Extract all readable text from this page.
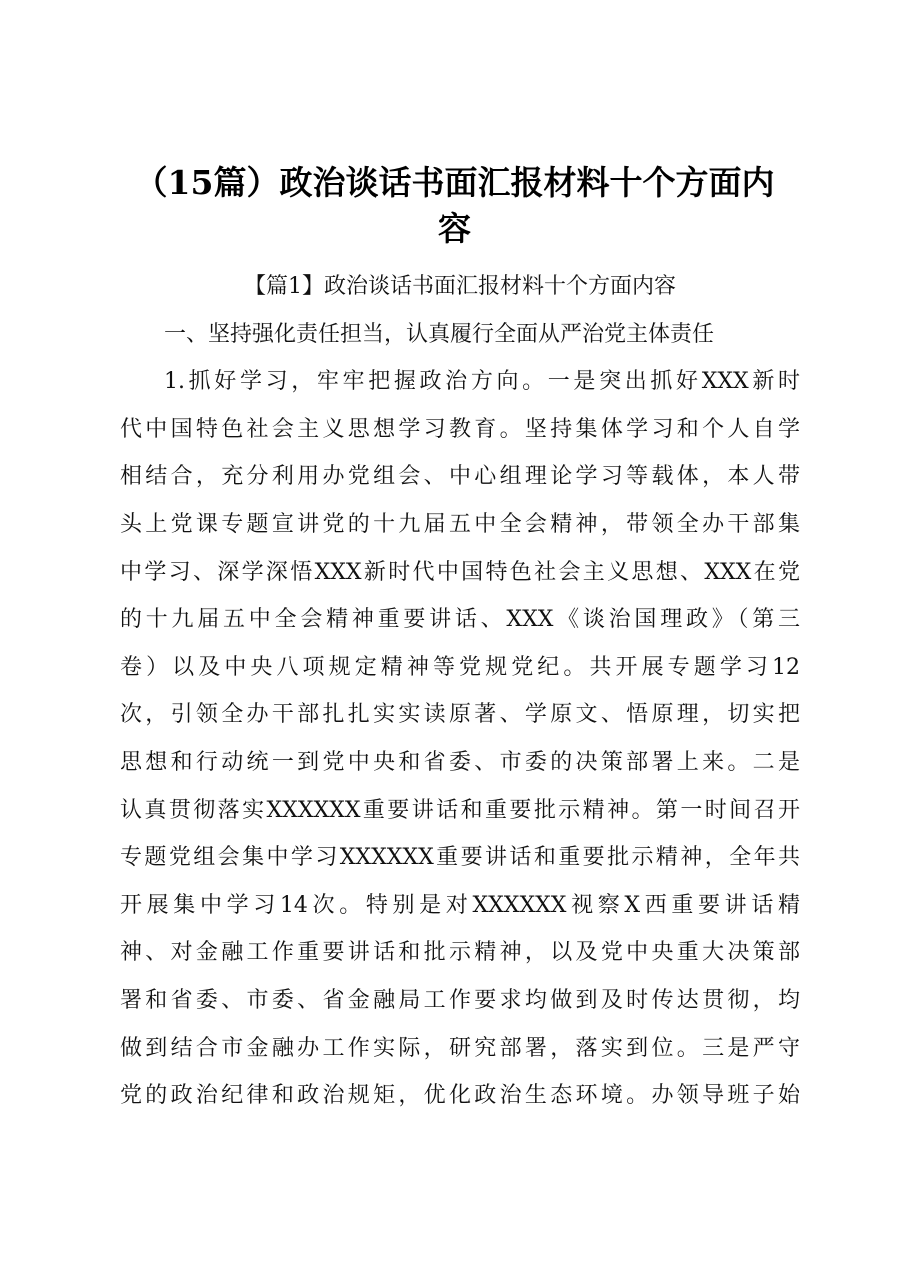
（15篇）政治谈话书面汇报材料十个方面内
容
【篇1】政治谈话书面汇报材料十个方面内容
一、坚持强化责任担当，认真履行全面从严治党主体责任

1.抓好学习，牢牢把握政治方向。一是突出抓好XXX新时
代中国特色社会主义思想学习教育。坚持集体学习和个人自学
相结合，充分利用办党组会、中心组理论学习等载体，本人带
头上党课专题宣讲党的十九届五中全会精神，带领全办干部集
中学习、深学深悟XXX新时代中国特色社会主义思想、XXX在党
的十九届五中全会精神重要讲话、XXX《谈治国理政》（第三
卷）以及中央八项规定精神等党规党纪。共开展专题学习12
次，引领全办干部扎扎实实读原著、学原文、悟原理，切实把
思想和行动统一到党中央和省委、市委的决策部署上来。二是
认真贯彻落实XXXXXX重要讲话和重要批示精神。第一时间召开
专题党组会集中学习XXXXXX重要讲话和重要批示精神，全年共
开展集中学习14次。特别是对XXXXXX视察X西重要讲话精
神、对金融工作重要讲话和批示精神，以及党中央重大决策部
署和省委、市委、省金融局工作要求均做到及时传达贯彻，均
做到结合市金融办工作实际，研究部署，落实到位。三是严守
党的政治纪律和政治规矩，优化政治生态环境。办领导班子始
